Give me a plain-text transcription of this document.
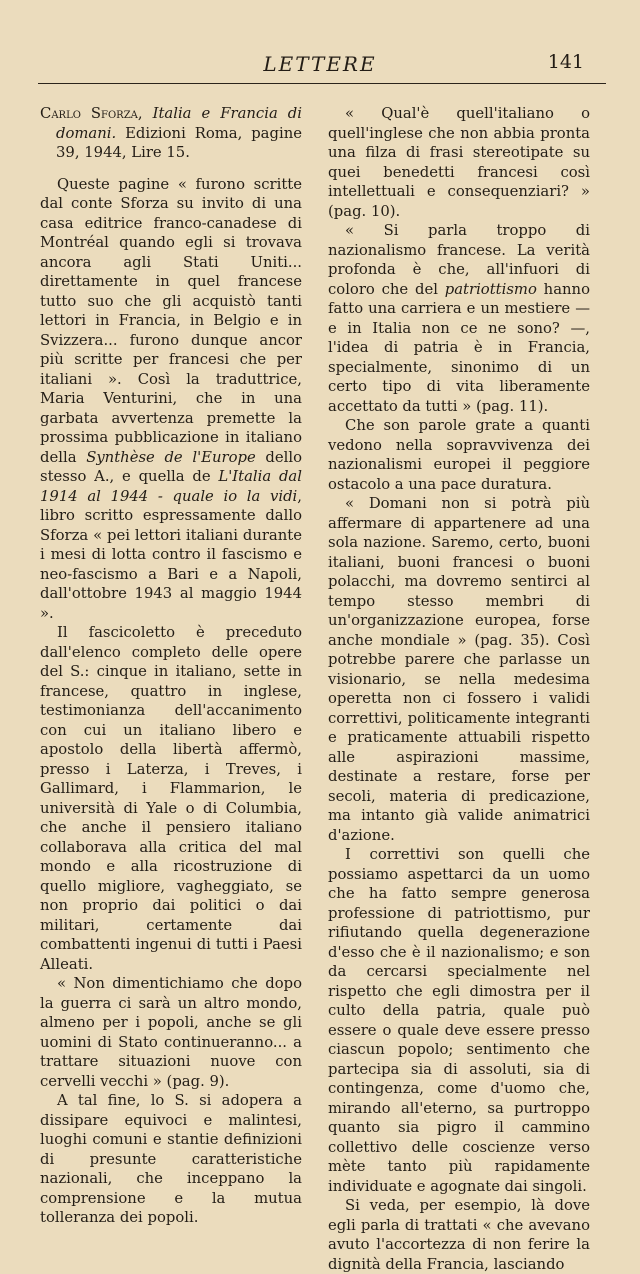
LETTERE	141

Carlo Sforza, Italia e Francia di domani. Edizioni Roma, pagine 39, 1944, Lire 15.

Queste pagine « furono scritte dal conte Sforza su invito di una casa editrice franco-canadese di Montréal quando egli si trovava ancora agli Stati Uniti... direttamente in quel francese tutto suo che gli acquistò tanti lettori in Francia, in Belgio e in Svizzera... furono dunque ancor più scritte per francesi che per italiani ». Così la traduttrice, Maria Venturini, che in una garbata avvertenza premette la prossima pubblicazione in italiano della Synthèse de l'Europe dello stesso A., e quella de L'Italia dal 1914 al 1944 - quale io la vidi, libro scritto espressamente dallo Sforza « pei lettori italiani durante i mesi di lotta contro il fascismo e neo-fascismo a Bari e a Napoli, dall'ottobre 1943 al maggio 1944 ».

Il fascicoletto è preceduto dall'elenco completo delle opere del S.: cinque in italiano, sette in francese, quattro in inglese, testimonianza dell'accanimento con cui un italiano libero e apostolo della libertà affermò, presso i Laterza, i Treves, i Gallimard, i Flammarion, le università di Yale o di Columbia, che anche il pensiero italiano collaborava alla critica del mal mondo e alla ricostruzione di quello migliore, vagheggiato, se non proprio dai politici o dai militari, certamente dai combattenti ingenui di tutti i Paesi Alleati.

« Non dimentichiamo che dopo la guerra ci sarà un altro mondo, almeno per i popoli, anche se gli uomini di Stato continueranno... a trattare situazioni nuove con cervelli vecchi » (pag. 9).

A tal fine, lo S. si adopera a dissipare equivoci e malintesi, luoghi comuni e stantie definizioni di presunte caratteristiche nazionali, che inceppano la comprensione e la mutua tolleranza dei popoli.

« Qual'è quell'italiano o quell'inglese che non abbia pronta una filza di frasi stereotipate su quei benedetti francesi così intellettuali e consequenziari? » (pag. 10).

« Si parla troppo di nazionalismo francese. La verità profonda è che, all'infuori di coloro che del patriottismo hanno fatto una carriera e un mestiere — e in Italia non ce ne sono? —, l'idea di patria è in Francia, specialmente, sinonimo di un certo tipo di vita liberamente accettato da tutti » (pag. 11).

Che son parole grate a quanti vedono nella sopravvivenza dei nazionalismi europei il peggiore ostacolo a una pace duratura.

« Domani non si potrà più affermare di appartenere ad una sola nazione. Saremo, certo, buoni italiani, buoni francesi o buoni polacchi, ma dovremo sentirci al tempo stesso membri di un'organizzazione europea, forse anche mondiale » (pag. 35). Così potrebbe parere che parlasse un visionario, se nella medesima operetta non ci fossero i validi correttivi, politicamente integranti e praticamente attuabili rispetto alle aspirazioni massime, destinate a restare, forse per secoli, materia di predicazione, ma intanto già valide animatrici d'azione.

I correttivi son quelli che possiamo aspettarci da un uomo che ha fatto sempre generosa professione di patriottismo, pur rifiutando quella degenerazione d'esso che è il nazionalismo; e son da cercarsi specialmente nel rispetto che egli dimostra per il culto della patria, quale può essere o quale deve essere presso ciascun popolo; sentimento che partecipa sia di assoluti, sia di contingenza, come d'uomo che, mirando all'eterno, sa purtroppo quanto sia pigro il cammino collettivo delle coscienze verso mète tanto più rapidamente individuate e agognate dai singoli.

Si veda, per esempio, là dove egli parla di trattati « che avevano avuto l'accortezza di non ferire la dignità della Francia, lasciando
